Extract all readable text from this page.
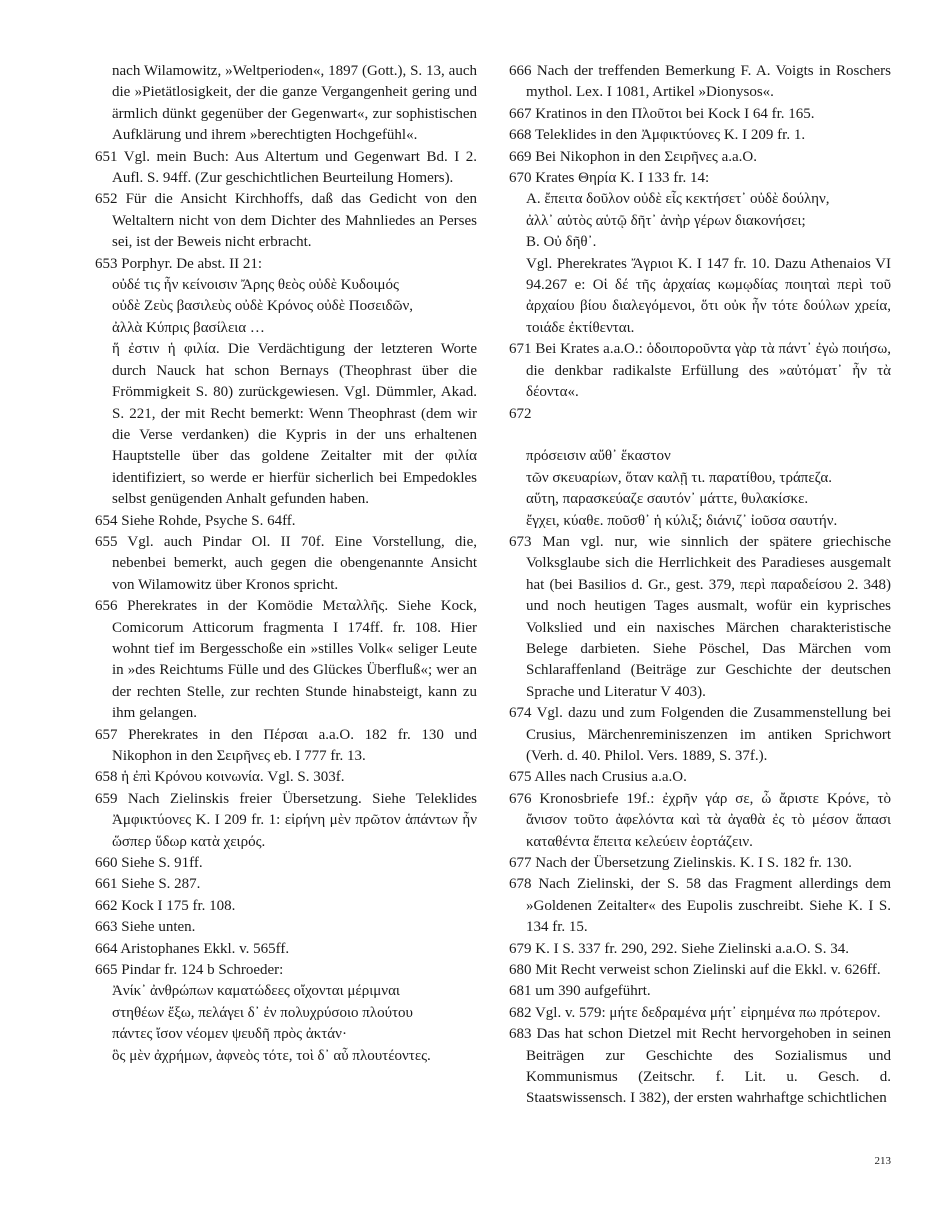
nach Wilamowitz, »Weltperioden«, 1897 (Gott.), S. 13, auch die »Pietätlosigkeit, der die ganze Vergangenheit gering und ärmlich dünkt gegenüber der Gegenwart«, zur sophistischen Aufklärung und ihrem »berechtigten Hochgefühl«.

651 Vgl. mein Buch: Aus Altertum und Gegenwart Bd. I 2. Aufl. S. 94ff. (Zur geschichtlichen Beurteilung Homers).

652 Für die Ansicht Kirchhoffs, daß das Gedicht von den Weltaltern nicht von dem Dichter des Mahnliedes an Perses sei, ist der Beweis nicht erbracht.

653 Porphyr. De abst. II 21:
οὐδέ τις ἦν κείνοισιν Ἄρης θεὸς οὐδὲ Κυδοιμός
οὐδὲ Ζεὺς βασιλεὺς οὐδὲ Κρόνος οὐδὲ Ποσειδῶν,
ἀλλὰ Κύπρις βασίλεια …
ἥ ἐστιν ἡ φιλία. Die Verdächtigung der letzteren Worte durch Nauck hat schon Bernays (Theophrast über die Frömmigkeit S. 80) zurückgewiesen. Vgl. Dümmler, Akad. S. 221, der mit Recht bemerkt: Wenn Theophrast (dem wir die Verse verdanken) die Kypris in der uns erhaltenen Hauptstelle über das goldene Zeitalter mit der φιλία identifiziert, so werde er hierfür sicherlich bei Empedokles selbst genügenden Anhalt gefunden haben.

654 Siehe Rohde, Psyche S. 64ff.

655 Vgl. auch Pindar Ol. II 70f. Eine Vorstellung, die, nebenbei bemerkt, auch gegen die obengenannte Ansicht von Wilamowitz über Kronos spricht.

656 Pherekrates in der Komödie Μεταλλῆς. Siehe Kock, Comicorum Atticorum fragmenta I 174ff. fr. 108. Hier wohnt tief im Bergesschoße ein »stilles Volk« seliger Leute in »des Reichtums Fülle und des Glückes Überfluß«; wer an der rechten Stelle, zur rechten Stunde hinabsteigt, kann zu ihm gelangen.

657 Pherekrates in den Πέρσαι a.a.O. 182 fr. 130 und Nikophon in den Σειρῆνες eb. I 777 fr. 13.

658 ἡ ἐπὶ Κρόνου κοινωνία. Vgl. S. 303f.

659 Nach Zielinskis freier Übersetzung. Siehe Teleklides Ἀμφικτύονες K. I 209 fr. 1: εἰρήνη μὲν πρῶτον ἁπάντων ἦν ὥσπερ ὕδωρ κατὰ χειρός.

660 Siehe S. 91ff.

661 Siehe S. 287.

662 Kock I 175 fr. 108.

663 Siehe unten.

664 Aristophanes Ekkl. v. 565ff.

665 Pindar fr. 124 b Schroeder:
Ἀνίκ᾽ ἀνθρώπων καματώδεες οἴχονται μέριμναι
στηθέων ἔξω, πελάγει δ᾽ ἐν πολυχρύσοιο πλούτου
πάντες ἴσον νέομεν ψευδῆ πρὸς ἀκτάν·
ὃς μὲν ἀχρήμων, ἀφνεὸς τότε, τοὶ δ᾽ αὖ πλουτέοντες.

666 Nach der treffenden Bemerkung F. A. Voigts in Roschers mythol. Lex. I 1081, Artikel »Dionysos«.

667 Kratinos in den Πλοῦτοι bei Kock I 64 fr. 165.

668 Teleklides in den Ἀμφικτύονες K. I 209 fr. 1.

669 Bei Nikophon in den Σειρῆνες a.a.O.

670 Krates Θηρία K. I 133 fr. 14:
A. ἔπειτα δοῦλον οὐδὲ εἷς κεκτήσετ᾽ οὐδὲ δούλην,
ἀλλ᾽ αὐτὸς αὑτῷ δῆτ᾽ ἀνὴρ γέρων διακονήσει;
B. Οὐ δῆθ᾽.
Vgl. Pherekrates Ἄγριοι K. I 147 fr. 10. Dazu Athenaios VI 94.267 e: Οἱ δέ τῆς ἀρχαίας κωμῳδίας ποιηταὶ περὶ τοῦ ἀρχαίου βίου διαλεγόμενοι, ὅτι οὐκ ἦν τότε δούλων χρεία, τοιάδε ἐκτίθενται.

671 Bei Krates a.a.O.: ὁδοιποροῦντα γὰρ τὰ πάντ᾽ ἐγὼ ποιήσω, die denkbar radikalste Erfüllung des »αὐτόματ᾽ ἦν τὰ δέοντα«.

672
πρόσεισιν αὔθ᾽ ἕκαστον
τῶν σκευαρίων, ὅταν καλῇ τι. παρατίθου, τράπεζα.
αὕτη, παρασκεύαζε σαυτόν᾽ μάττε, θυλακίσκε.
ἔγχει, κύαθε. ποῦσθ᾽ ἡ κύλιξ; διάνιζ᾽ ἰοῦσα σαυτήν.

673 Man vgl. nur, wie sinnlich der spätere griechische Volksglaube sich die Herrlichkeit des Paradieses ausgemalt hat (bei Basilios d. Gr., gest. 379, περὶ παραδείσου 2. 348) und noch heutigen Tages ausmalt, wofür ein kyprisches Volkslied und ein naxisches Märchen charakteristische Belege darbieten. Siehe Pöschel, Das Märchen vom Schlaraffenland (Beiträge zur Geschichte der deutschen Sprache und Literatur V 403).

674 Vgl. dazu und zum Folgenden die Zusammenstellung bei Crusius, Märchenreminiszenzen im antiken Sprichwort (Verh. d. 40. Philol. Vers. 1889, S. 37f.).

675 Alles nach Crusius a.a.O.

676 Kronosbriefe 19f.: ἐχρῆν γάρ σε, ὦ ἄριστε Κρόνε, τὸ ἄνισον τοῦτο ἀφελόντα καὶ τὰ ἀγαθὰ ἐς τὸ μέσον ἅπασι καταθέντα ἔπειτα κελεύειν ἑορτάζειν.

677 Nach der Übersetzung Zielinskis. K. I S. 182 fr. 130.

678 Nach Zielinski, der S. 58 das Fragment allerdings dem »Goldenen Zeitalter« des Eupolis zuschreibt. Siehe K. I S. 134 fr. 15.

679 K. I S. 337 fr. 290, 292. Siehe Zielinski a.a.O. S. 34.

680 Mit Recht verweist schon Zielinski auf die Ekkl. v. 626ff.

681 um 390 aufgeführt.

682 Vgl. v. 579: μήτε δεδραμένα μήτ᾽ εἰρημένα πω πρότερον.

683 Das hat schon Dietzel mit Recht hervorgehoben in seinen Beiträgen zur Geschichte des Sozialismus und Kommunismus (Zeitschr. f. Lit. u. Gesch. d. Staatswissensch. I 382), der ersten wahrhaftge schichtlichen

213
